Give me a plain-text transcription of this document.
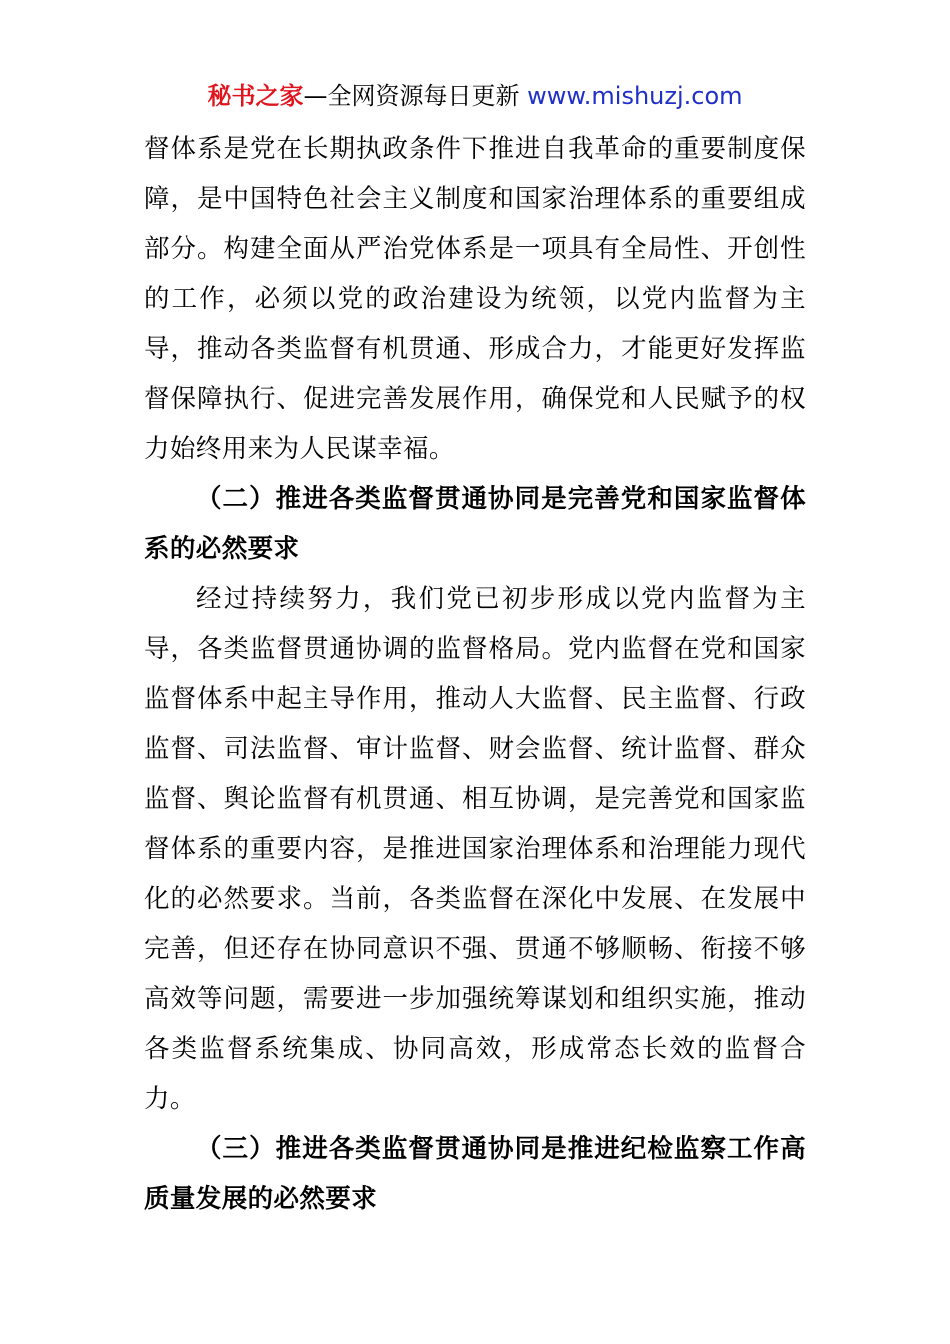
秘书之家—全网资源每日更新 www.mishuzj.com

督体系是党在长期执政条件下推进自我革命的重要制度保障，是中国特色社会主义制度和国家治理体系的重要组成部分。构建全面从严治党体系是一项具有全局性、开创性的工作，必须以党的政治建设为统领，以党内监督为主导，推动各类监督有机贯通、形成合力，才能更好发挥监督保障执行、促进完善发展作用，确保党和人民赋予的权力始终用来为人民谋幸福。

（二）推进各类监督贯通协同是完善党和国家监督体系的必然要求

经过持续努力，我们党已初步形成以党内监督为主导，各类监督贯通协调的监督格局。党内监督在党和国家监督体系中起主导作用，推动人大监督、民主监督、行政监督、司法监督、审计监督、财会监督、统计监督、群众监督、舆论监督有机贯通、相互协调，是完善党和国家监督体系的重要内容，是推进国家治理体系和治理能力现代化的必然要求。当前，各类监督在深化中发展、在发展中完善，但还存在协同意识不强、贯通不够顺畅、衔接不够高效等问题，需要进一步加强统筹谋划和组织实施，推动各类监督系统集成、协同高效，形成常态长效的监督合力。

（三）推进各类监督贯通协同是推进纪检监察工作高质量发展的必然要求
